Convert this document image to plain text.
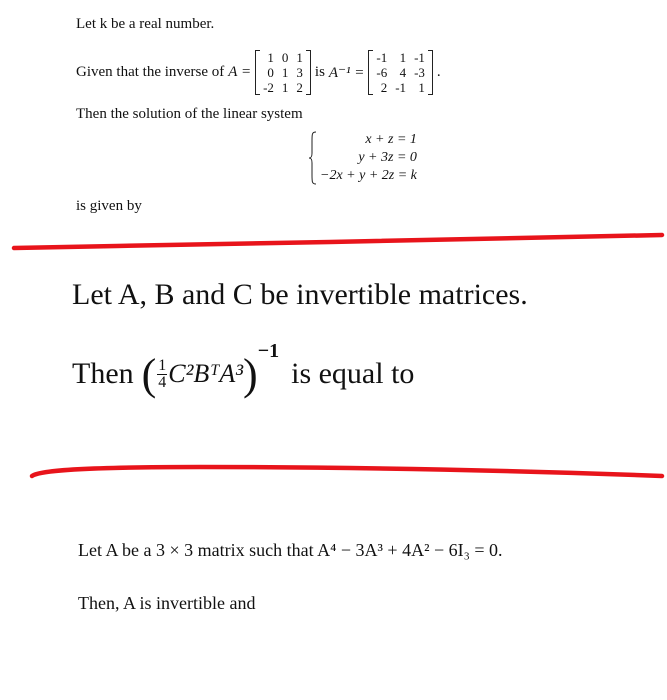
Let k be a real number.
Given that the inverse of A =
1	0	1
0	1	3
-2	1	2
is A⁻¹ =
-1	1	-1
-6	4	-3
2	-1	1
.
Then the solution of the linear system
x + z = 1
y + 3z = 0
−2x + y + 2z = k
is given by
Let A, B and C be invertible matrices.
Then ( $\frac{1}{4}$ C²BᵀA³ ) −1
is equal to
Let A be a 3 × 3 matrix such that A⁴ − 3A³ + 4A² − 6I₃ = 0.
Then, A is invertible and
